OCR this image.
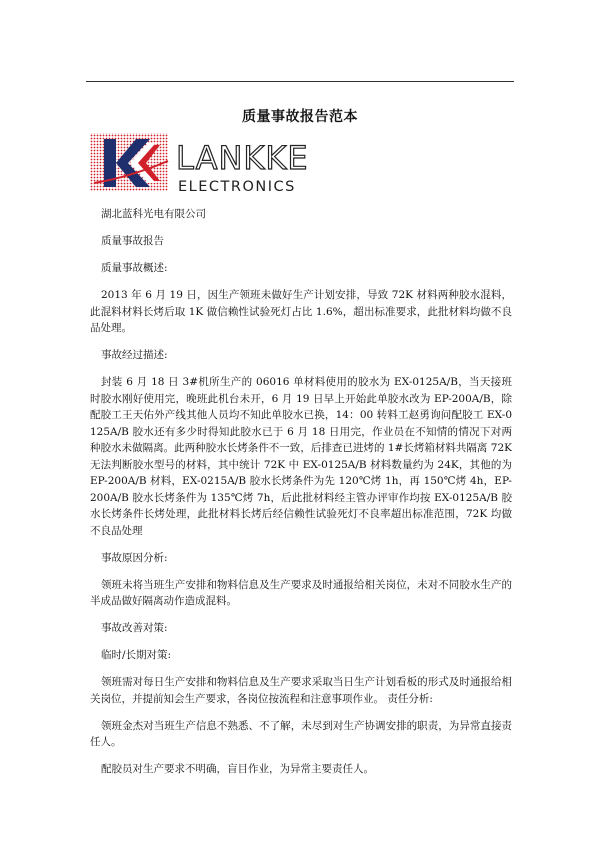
质量事故报告范本
LANKKE
ELECTRONICS

湖北蓝科光电有限公司

质量事故报告

质量事故概述:

2013 年 6 月 19 日，因生产领班未做好生产计划安排，导致 72K 材料两种胶水混料，此混料材料长烤后取 1K 做信赖性试验死灯占比 1.6%，超出标准要求，此批材料均做不良品处理。

事故经过描述:

封装 6 月 18 日 3#机所生产的 06016 单材料使用的胶水为 EX-0125A/B，当天接班时胶水刚好使用完，晚班此机台未开，6 月 19 日早上开始此单胶水改为 EP-200A/B，除配胶工王天佑外产线其他人员均不知此单胶水已换，14：00 转料工赵勇询问配胶工 EX-0125A/B 胶水还有多少时得知此胶水已于 6 月 18 日用完，作业员在不知情的情况下对两种胶水未做隔离。此两种胶水长烤条件不一致，后排查已进烤的 1#长烤箱材料共隔离 72K 无法判断胶水型号的材料，其中统计 72K 中 EX-0125A/B 材料数量约为 24K，其他的为 EP-200A/B 材料，EX-0215A/B 胶水长烤条件为先 120℃烤 1h，再 150℃烤 4h，EP-200A/B 胶水长烤条件为 135℃烤 7h，后此批材料经主管办评审作均按 EX-0125A/B 胶水长烤条件长烤处理，此批材料长烤后经信赖性试验死灯不良率超出标准范围，72K 均做不良品处理

事故原因分析:

领班未将当班生产安排和物料信息及生产要求及时通报给相关岗位，未对不同胶水生产的半成品做好隔离动作造成混料。

事故改善对策:

临时/长期对策:

领班需对每日生产安排和物料信息及生产要求采取当日生产计划看板的形式及时通报给相关岗位，并提前知会生产要求，各岗位按流程和注意事项作业。 责任分析:

领班金杰对当班生产信息不熟悉、不了解，未尽到对生产协调安排的职责，为异常直接责任人。

配胶员对生产要求不明确，盲目作业，为异常主要责任人。
